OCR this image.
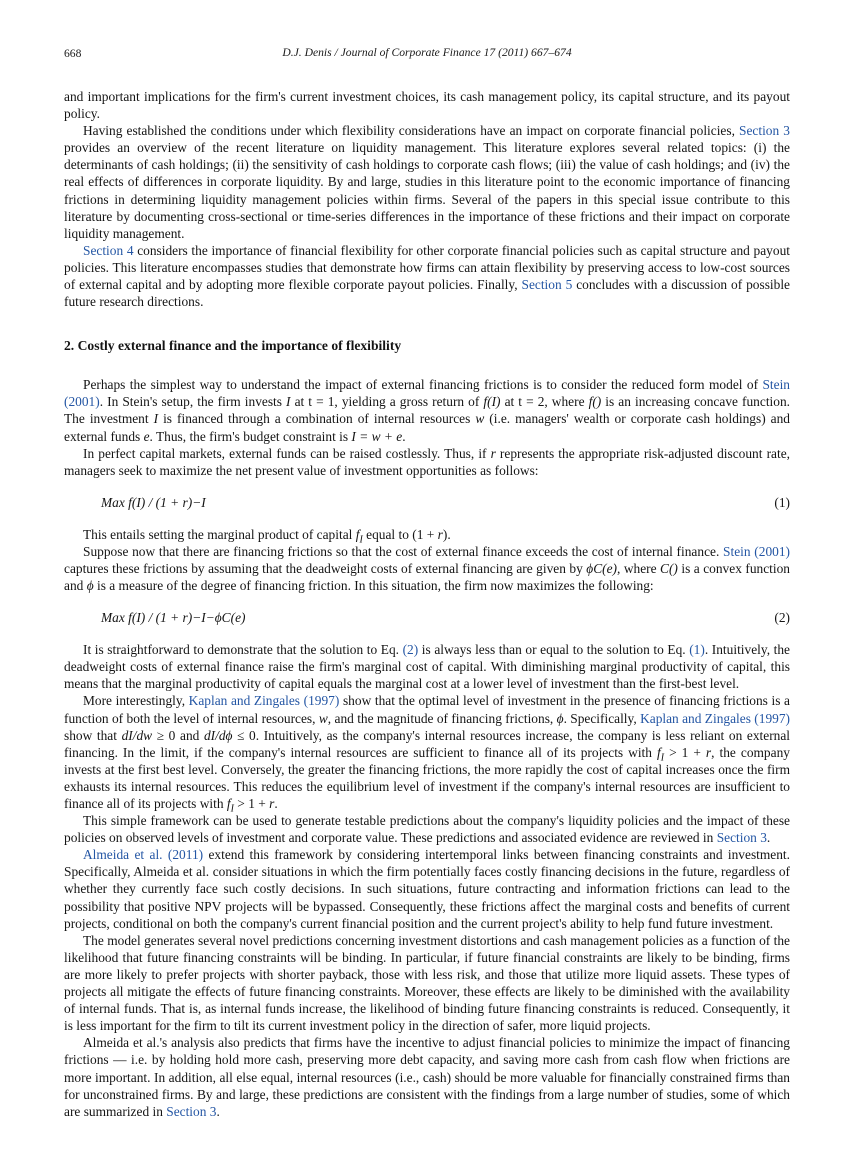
668	D.J. Denis / Journal of Corporate Finance 17 (2011) 667–674

and important implications for the firm's current investment choices, its cash management policy, its capital structure, and its payout policy.

Having established the conditions under which flexibility considerations have an impact on corporate financial policies, Section 3 provides an overview of the recent literature on liquidity management. This literature explores several related topics: (i) the determinants of cash holdings; (ii) the sensitivity of cash holdings to corporate cash flows; (iii) the value of cash holdings; and (iv) the real effects of differences in corporate liquidity. By and large, studies in this literature point to the economic importance of financing frictions in determining liquidity management policies within firms. Several of the papers in this special issue contribute to this literature by documenting cross-sectional or time-series differences in the importance of these frictions and their impact on corporate liquidity management.

Section 4 considers the importance of financial flexibility for other corporate financial policies such as capital structure and payout policies. This literature encompasses studies that demonstrate how firms can attain flexibility by preserving access to low-cost sources of external capital and by adopting more flexible corporate payout policies. Finally, Section 5 concludes with a discussion of possible future research directions.

2. Costly external finance and the importance of flexibility

Perhaps the simplest way to understand the impact of external financing frictions is to consider the reduced form model of Stein (2001). In Stein's setup, the firm invests I at t = 1, yielding a gross return of f(I) at t = 2, where f() is an increasing concave function. The investment I is financed through a combination of internal resources w (i.e. managers' wealth or corporate cash holdings) and external funds e. Thus, the firm's budget constraint is I = w + e.

In perfect capital markets, external funds can be raised costlessly. Thus, if r represents the appropriate risk-adjusted discount rate, managers seek to maximize the net present value of investment opportunities as follows:

Max f(I) / (1 + r)−I	(1)

This entails setting the marginal product of capital $f_I$ equal to (1 + r).

Suppose now that there are financing frictions so that the cost of external finance exceeds the cost of internal finance. Stein (2001) captures these frictions by assuming that the deadweight costs of external financing are given by ϕC(e), where C() is a convex function and ϕ is a measure of the degree of financing friction. In this situation, the firm now maximizes the following:

Max f(I) / (1 + r)−I−ϕC(e)	(2)

It is straightforward to demonstrate that the solution to Eq. (2) is always less than or equal to the solution to Eq. (1). Intuitively, the deadweight costs of external finance raise the firm's marginal cost of capital. With diminishing marginal productivity of capital, this means that the marginal productivity of capital equals the marginal cost at a lower level of investment than the first-best level.

More interestingly, Kaplan and Zingales (1997) show that the optimal level of investment in the presence of financing frictions is a function of both the level of internal resources, w, and the magnitude of financing frictions, ϕ. Specifically, Kaplan and Zingales (1997) show that dI/dw ≥ 0 and dI/dϕ ≤ 0. Intuitively, as the company's internal resources increase, the company is less reliant on external financing. In the limit, if the company's internal resources are sufficient to finance all of its projects with $f_I > 1 + r$, the company invests at the first best level. Conversely, the greater the financing frictions, the more rapidly the cost of capital increases once the firm exhausts its internal resources. This reduces the equilibrium level of investment if the company's internal resources are insufficient to finance all of its projects with $f_I > 1 + r$.

This simple framework can be used to generate testable predictions about the company's liquidity policies and the impact of these policies on observed levels of investment and corporate value. These predictions and associated evidence are reviewed in Section 3.

Almeida et al. (2011) extend this framework by considering intertemporal links between financing constraints and investment. Specifically, Almeida et al. consider situations in which the firm potentially faces costly financing decisions in the future, regardless of whether they currently face such costly decisions. In such situations, future contracting and information frictions can lead to the possibility that positive NPV projects will be bypassed. Consequently, these frictions affect the marginal costs and benefits of current projects, conditional on both the company's current financial position and the current project's ability to help fund future investment.

The model generates several novel predictions concerning investment distortions and cash management policies as a function of the likelihood that future financing constraints will be binding. In particular, if future financial constraints are likely to be binding, firms are more likely to prefer projects with shorter payback, those with less risk, and those that utilize more liquid assets. These types of projects all mitigate the effects of future financing constraints. Moreover, these effects are likely to be diminished with the availability of internal funds. That is, as internal funds increase, the likelihood of binding future financing constraints is reduced. Consequently, it is less important for the firm to tilt its current investment policy in the direction of safer, more liquid projects.

Almeida et al.'s analysis also predicts that firms have the incentive to adjust financial policies to minimize the impact of financing frictions — i.e. by holding hold more cash, preserving more debt capacity, and saving more cash from cash flow when frictions are more important. In addition, all else equal, internal resources (i.e., cash) should be more valuable for financially constrained firms than for unconstrained firms. By and large, these predictions are consistent with the findings from a large number of studies, some of which are summarized in Section 3.
